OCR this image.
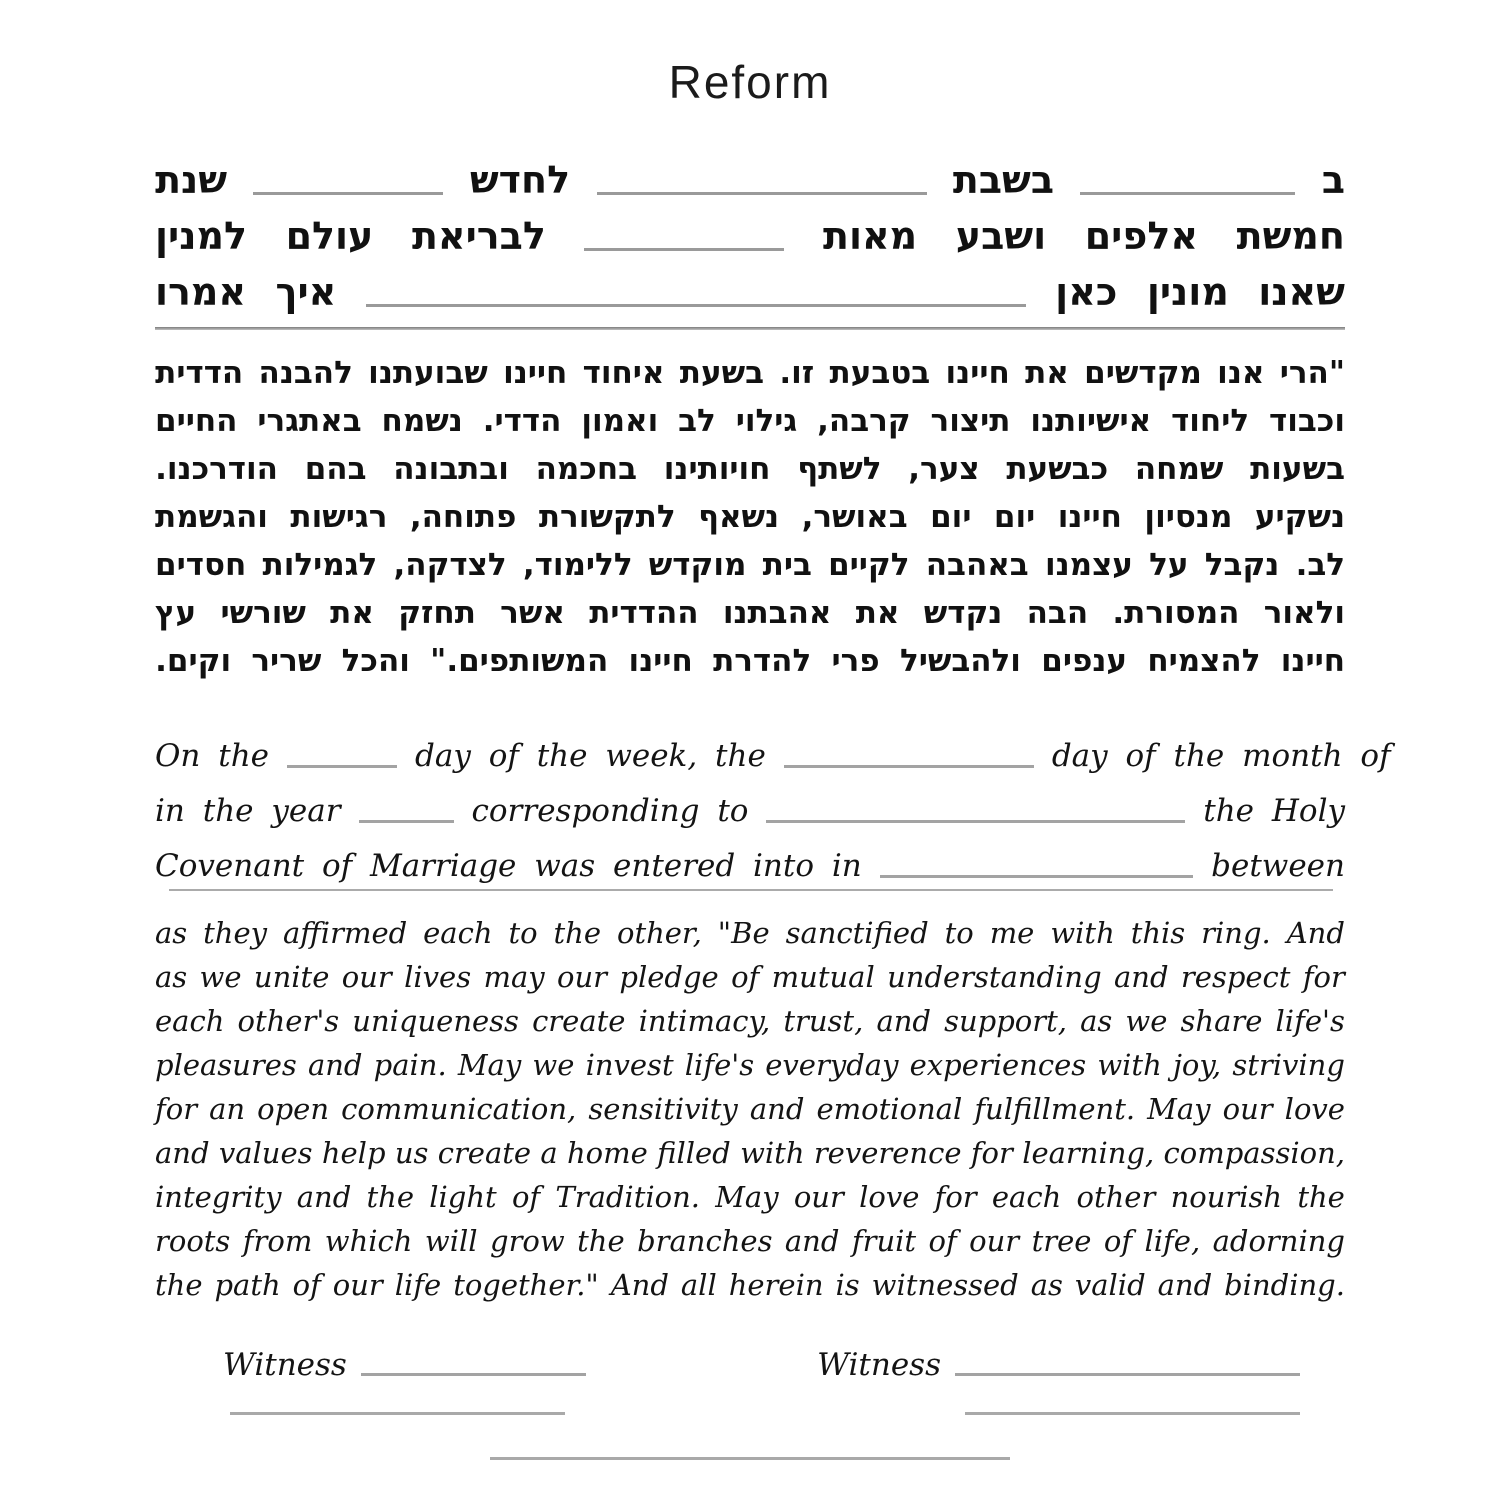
Reform
ב
בשבת
לחדש
שנת
חמשת
אלפים
ושבע
מאות
לבריאת
עולם
למנין
שאנו
מונין
כאן
איך
אמרו
"הרי
אנו
מקדשים
את
חיינו
בטבעת
זו.
בשעת
איחוד
חיינו
שבועתנו
להבנה
הדדית
וכבוד
ליחוד
אישיותנו
תיצור
קרבה,
גילוי
לב
ואמון
הדדי.
נשמח
באתגרי
החיים
בשעות
שמחה
כבשעת
צער,
לשתף
חויותינו
בחכמה
ובתבונה
בהם
הודרכנו.
נשקיע
מנסיון
חיינו
יום
יום
באושר,
נשאף
לתקשורת
פתוחה,
רגישות
והגשמת
לב.
נקבל
על
עצמנו
באהבה
לקיים
בית
מוקדש
ללימוד,
לצדקה,
לגמילות
חסדים
ולאור
המסורת.
הבה
נקדש
את
אהבתנו
ההדדית
אשר
תחזק
את
שורשי
עץ
חיינו
להצמיח
ענפים
ולהבשיל
פרי
להדרת
חיינו
המשותפים."
והכל
שריר
וקים.
On the	day of the week, the	day of the month of
in the year	corresponding to	the Holy
Covenant of Marriage was entered into in	between
as they affirmed each to the other, "Be sanctified to me with this ring. And
as we unite our lives may our pledge of mutual understanding and respect for
each other's uniqueness create intimacy, trust, and support, as we share life's
pleasures and pain. May we invest life's everyday experiences with joy, striving
for an open communication, sensitivity and emotional fulfillment. May our love
and values help us create a home filled with reverence for learning, compassion,
integrity and the light of Tradition. May our love for each other nourish the
roots from which will grow the branches and fruit of our tree of life, adorning
the path of our life together." And all herein is witnessed as valid and binding.
Witness	Witness
